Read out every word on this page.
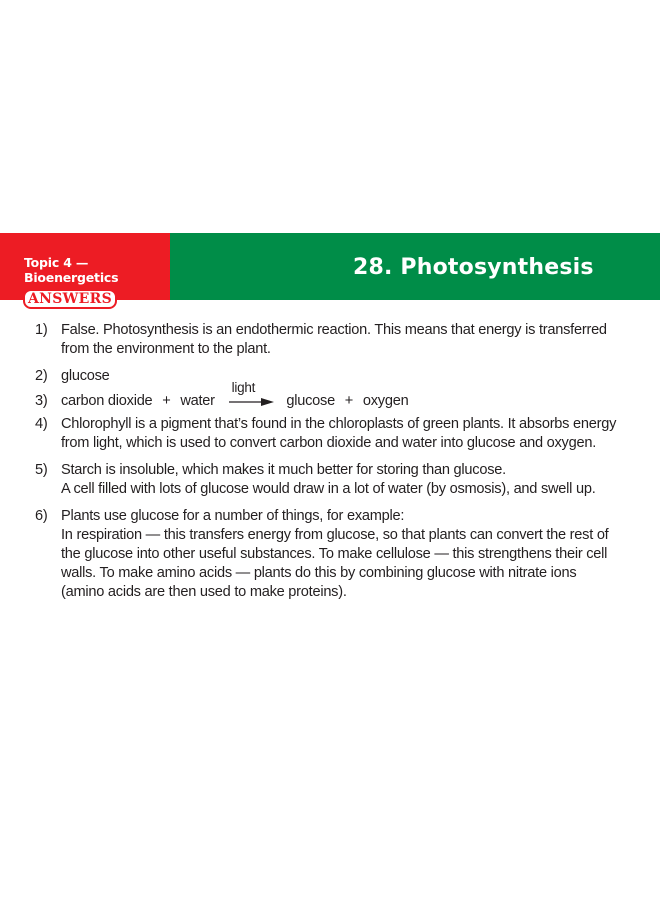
Topic 4 —
Bioenergetics	28. Photosynthesis
ANSWERS
1) False. Photosynthesis is an endothermic reaction. This means that energy is transferred
from the environment to the plant.
2) glucose
3) carbon dioxide + water
light
glucose + oxygen
4) Chlorophyll is a pigment that’s found in the chloroplasts of green plants. It absorbs energy
from light, which is used to convert carbon dioxide and water into glucose and oxygen.
5) Starch is insoluble, which makes it much better for storing than glucose.
A cell filled with lots of glucose would draw in a lot of water (by osmosis), and swell up.
6) Plants use glucose for a number of things, for example:
In respiration — this transfers energy from glucose, so that plants can convert the rest of
the glucose into other useful substances. To make cellulose — this strengthens their cell
walls. To make amino acids — plants do this by combining glucose with nitrate ions
(amino acids are then used to make proteins).
